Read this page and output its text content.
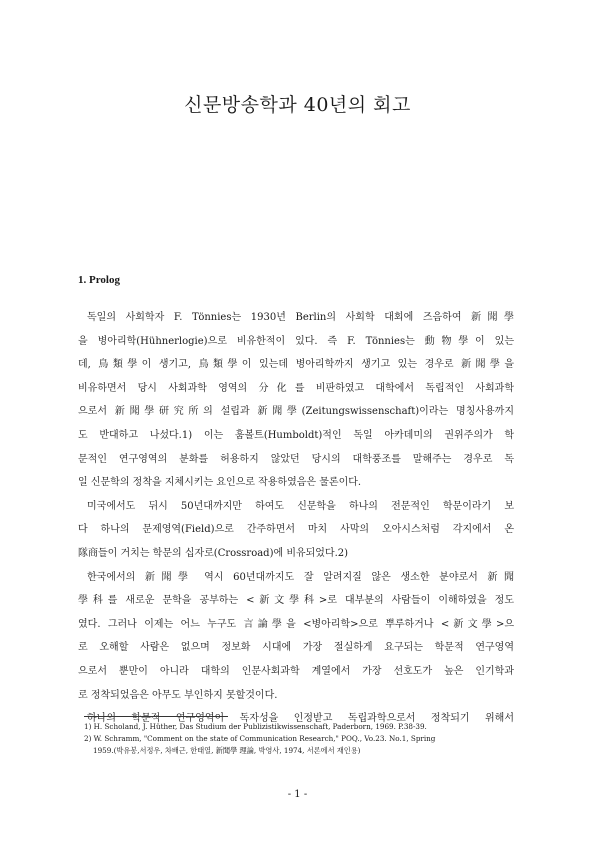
신문방송학과 40년의 회고
1. Prolog
독일의 사회학자 F. Tönnies는 1930년 Berlin의 사회학 대회에 즈음하여 新聞學
을 병아리학(Hühnerlogie)으로 비유한적이 있다. 즉 F. Tönnies는 動物學이 있는
데, 鳥類學이 생기고, 鳥類學이 있는데 병아리학까지 생기고 있는 경우로 新聞學을
비유하면서 당시 사회과학 영역의 分化를 비판하였고 대학에서 독립적인 사회과학
으로서 新聞學研究所의 설립과 新聞學(Zeitungswissenschaft)이라는 명칭사용까지
도 반대하고 나섰다.1) 이는 훔볼트(Humboldt)적인 독일 아카데미의 권위주의가 학
문적인 연구영역의 분화를 허용하지 않았던 당시의 대학풍조를 말해주는 경우로 독
일 신문학의 정착을 지체시키는 요인으로 작용하였음은 물론이다.
미국에서도 뒤시 50년대까지만 하여도 신문학을 하나의 전문적인 학문이라기 보
다 하나의 문제영역(Field)으로 간주하면서 마치 사막의 오아시스처럼 각지에서 온
隊商들이 거치는 학문의 십자로(Crossroad)에 비유되었다.2)
한국에서의 新聞學 역시 60년대까지도 잘 알려지질 않은 생소한 분야로서 新聞
學科를 새로운 문학을 공부하는 <新文學科>로 대부분의 사람들이 이해하였을 정도
였다. 그러나 이제는 어느 누구도 言論學을 <병아리학>으로 뿌루하거나 <新文學>으
로 오해할 사람은 없으며 정보화 시대에 가장 절실하게 요구되는 학문적 연구영역
으로서 뿐만이 아니라 대학의 인문사회과학 계열에서 가장 선호도가 높은 인기학과
로 정착되었음은 아무도 부인하지 못할것이다.
하나의 학문적 연구영역이 독자성을 인정받고 독립과학으로서 정착되기 위해서
1) H. Scholand, J. Hüther, Das Studium der Publizistikwissenschaft, Paderborn, 1969. P.38-39.
2) W. Schramm, "Comment on the state of Communication Research," POQ., Vo.23. No.1, Spring
1959.(박유봉,서정우, 차배근, 한태열, 新聞學 理論, 박영사, 1974, 서론에서 재인용)
- 1 -
